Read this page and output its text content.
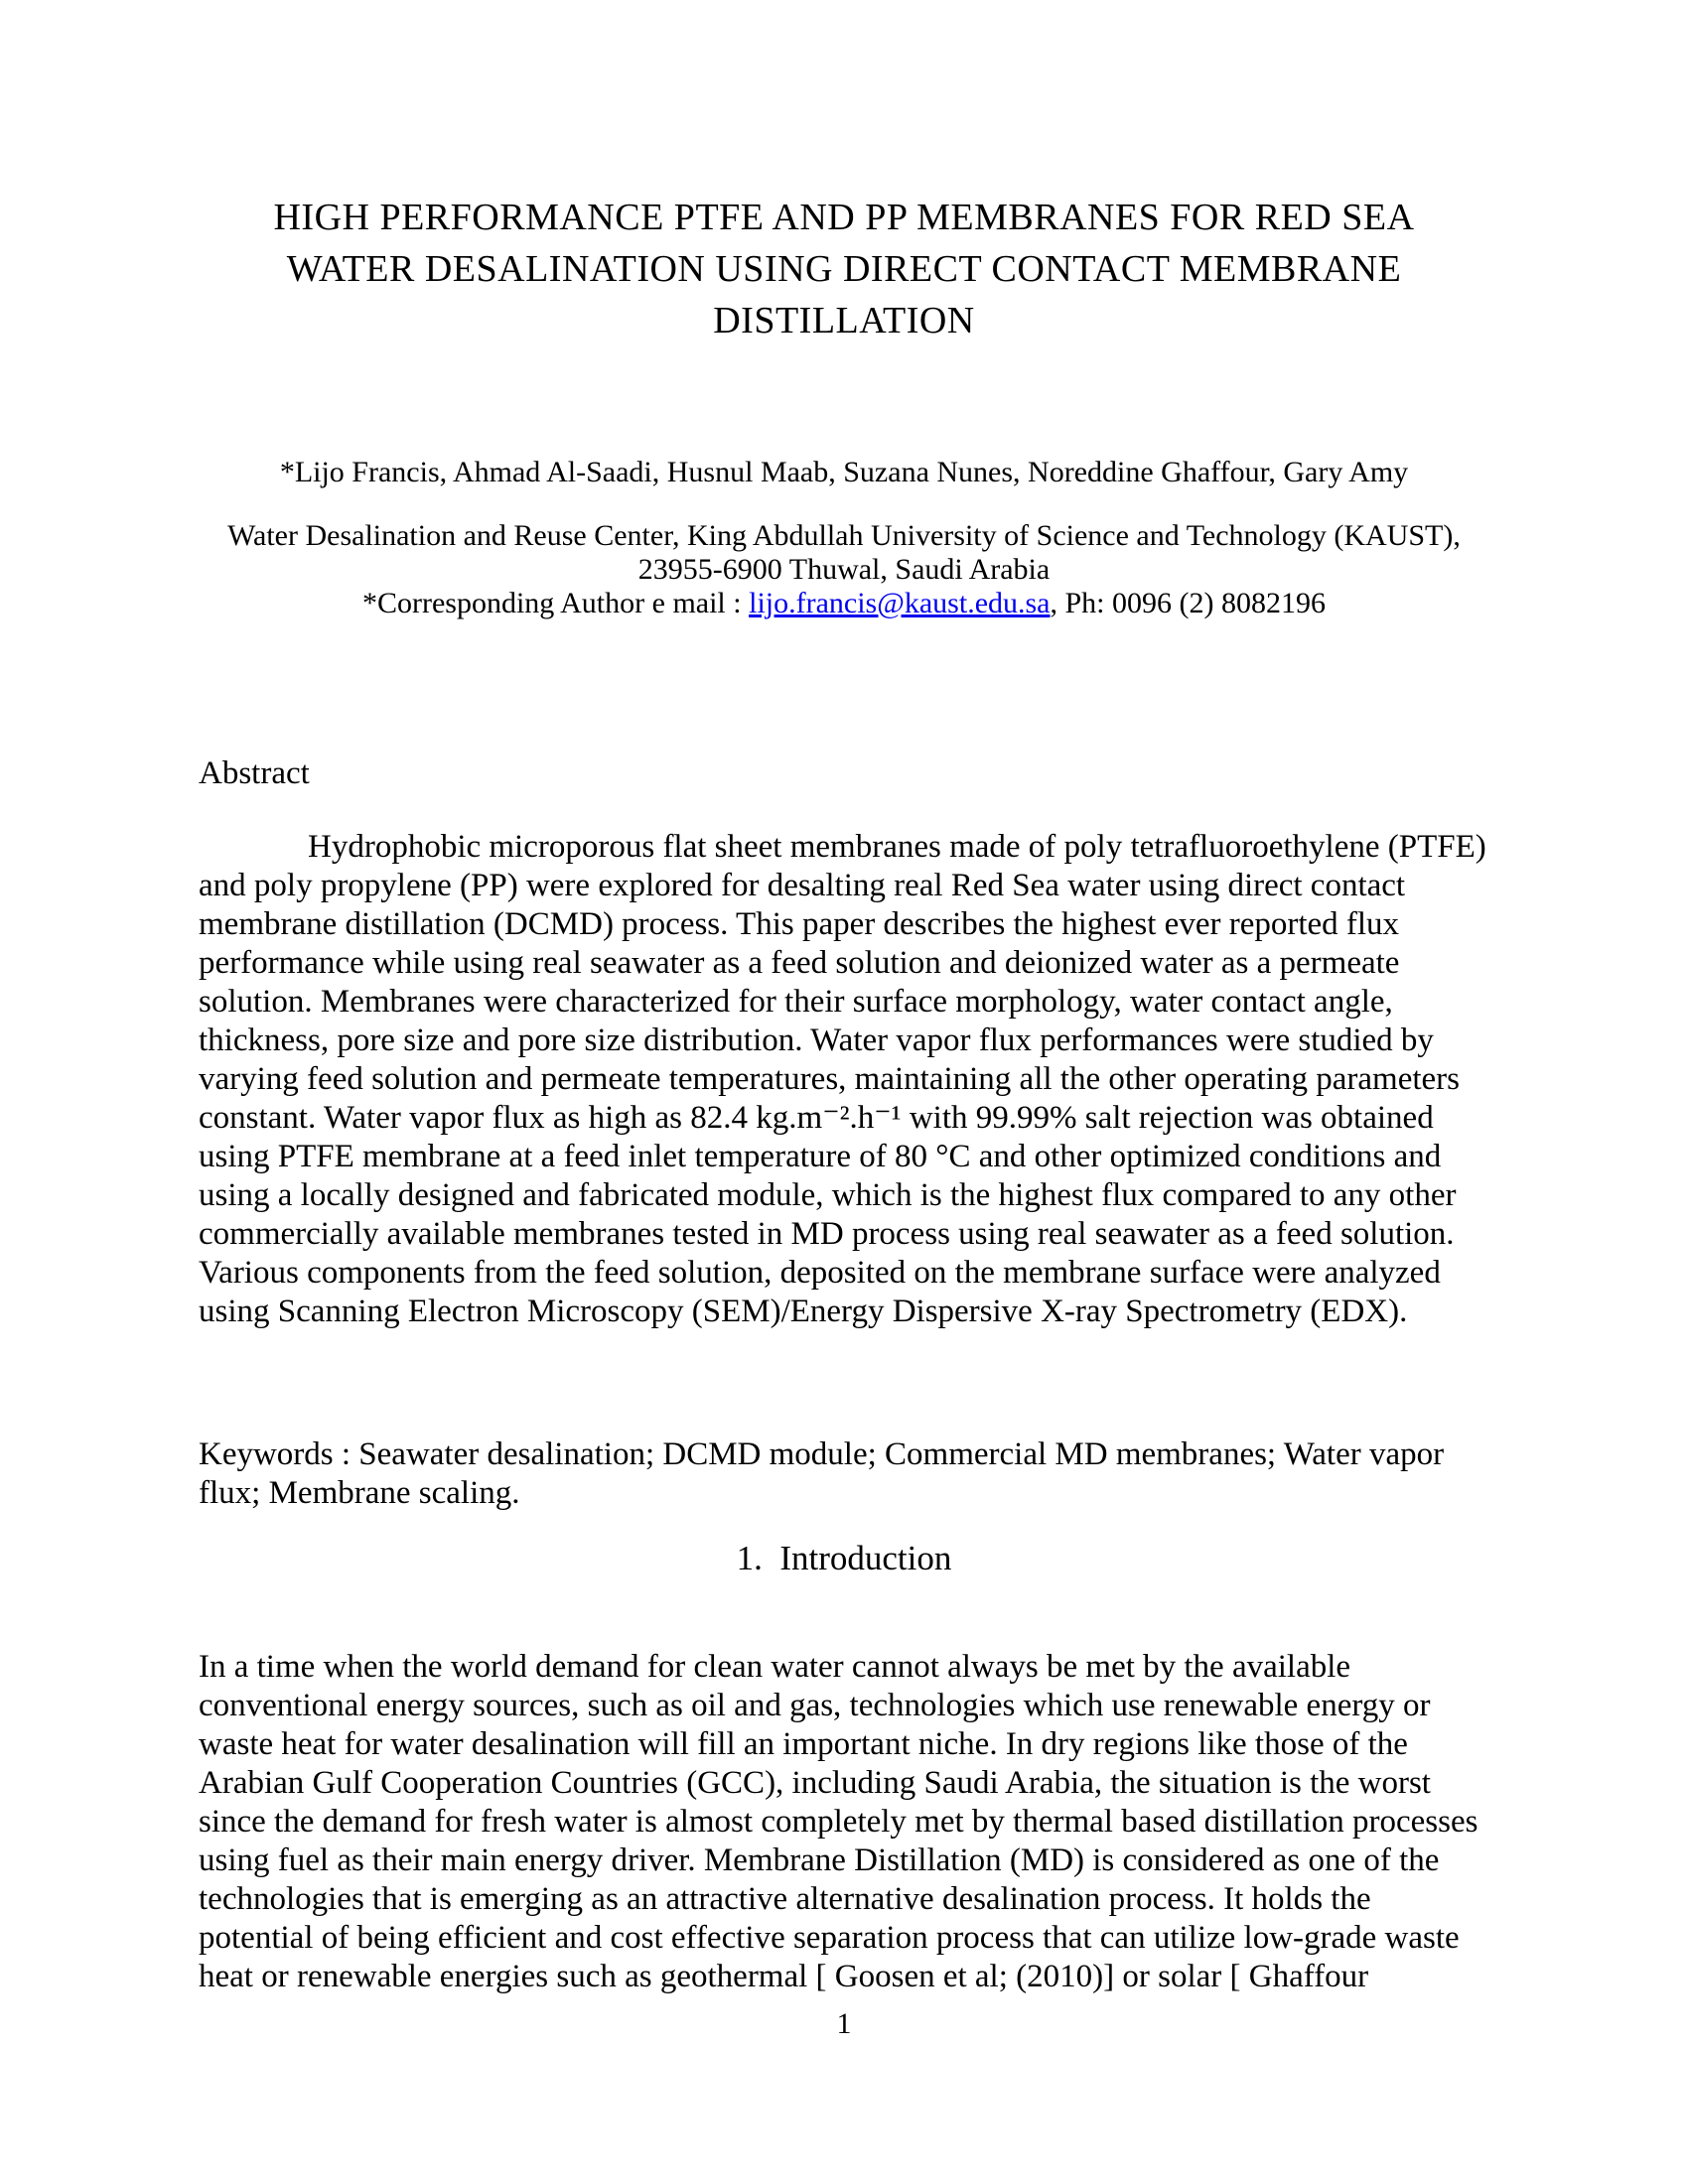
HIGH PERFORMANCE PTFE AND PP MEMBRANES FOR RED SEA
WATER DESALINATION USING DIRECT CONTACT MEMBRANE
DISTILLATION
*Lijo Francis, Ahmad Al-Saadi, Husnul Maab, Suzana Nunes, Noreddine Ghaffour, Gary Amy
Water Desalination and Reuse Center, King Abdullah University of Science and Technology (KAUST),
23955-6900 Thuwal, Saudi Arabia
*Corresponding Author e mail : lijo.francis@kaust.edu.sa, Ph: 0096 (2) 8082196
Abstract

Hydrophobic microporous flat sheet membranes made of poly tetrafluoroethylene (PTFE) and poly propylene (PP) were explored for desalting real Red Sea water using direct contact membrane distillation (DCMD) process. This paper describes the highest ever reported flux performance while using real seawater as a feed solution and deionized water as a permeate solution. Membranes were characterized for their surface morphology, water contact angle, thickness, pore size and pore size distribution. Water vapor flux performances were studied by varying feed solution and permeate temperatures, maintaining all the other operating parameters constant. Water vapor flux as high as 82.4 kg.m⁻².h⁻¹ with 99.99% salt rejection was obtained using PTFE membrane at a feed inlet temperature of 80 °C and other optimized conditions and using a locally designed and fabricated module, which is the highest flux compared to any other commercially available membranes tested in MD process using real seawater as a feed solution. Various components from the feed solution, deposited on the membrane surface were analyzed using Scanning Electron Microscopy (SEM)/Energy Dispersive X-ray Spectrometry (EDX).

Keywords : Seawater desalination; DCMD module; Commercial MD membranes; Water vapor flux; Membrane scaling.

1.  Introduction

In a time when the world demand for clean water cannot always be met by the available conventional energy sources, such as oil and gas, technologies which use renewable energy or waste heat for water desalination will fill an important niche. In dry regions like those of the Arabian Gulf Cooperation Countries (GCC), including Saudi Arabia, the situation is the worst since the demand for fresh water is almost completely met by thermal based distillation processes using fuel as their main energy driver. Membrane Distillation (MD) is considered as one of the technologies that is emerging as an attractive alternative desalination process. It holds the potential of being efficient and cost effective separation process that can utilize low-grade waste heat or renewable energies such as geothermal [ Goosen et al; (2010)] or solar [ Ghaffour

1
